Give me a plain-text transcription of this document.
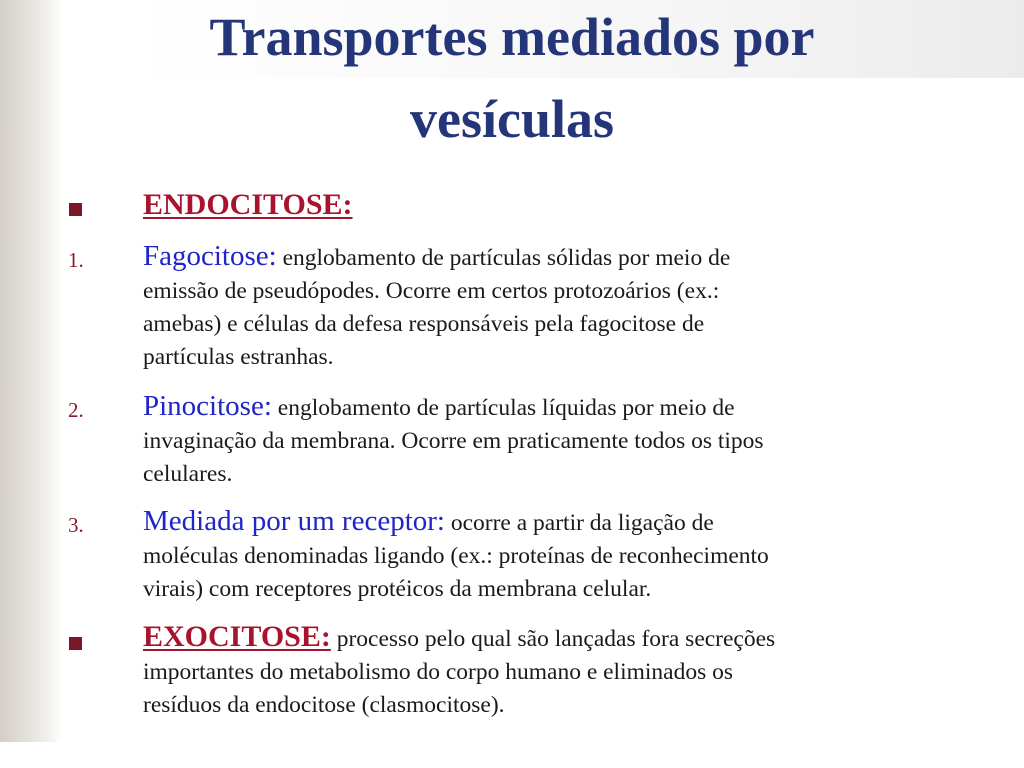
Transportes mediados por
vesículas
ENDOCITOSE:
1. Fagocitose: englobamento de partículas sólidas por meio de
emissão de pseudópodes. Ocorre em certos protozoários (ex.:
amebas) e células da defesa responsáveis pela fagocitose de
partículas estranhas.
2. Pinocitose: englobamento de partículas líquidas por meio de
invaginação da membrana. Ocorre em praticamente todos os tipos
celulares.
3. Mediada por um receptor: ocorre a partir da ligação de
moléculas denominadas ligando (ex.: proteínas de reconhecimento
virais) com receptores protéicos da membrana celular.
EXOCITOSE: processo pelo qual são lançadas fora secreções
importantes do metabolismo do corpo humano e eliminados os
resíduos da endocitose (clasmocitose).
